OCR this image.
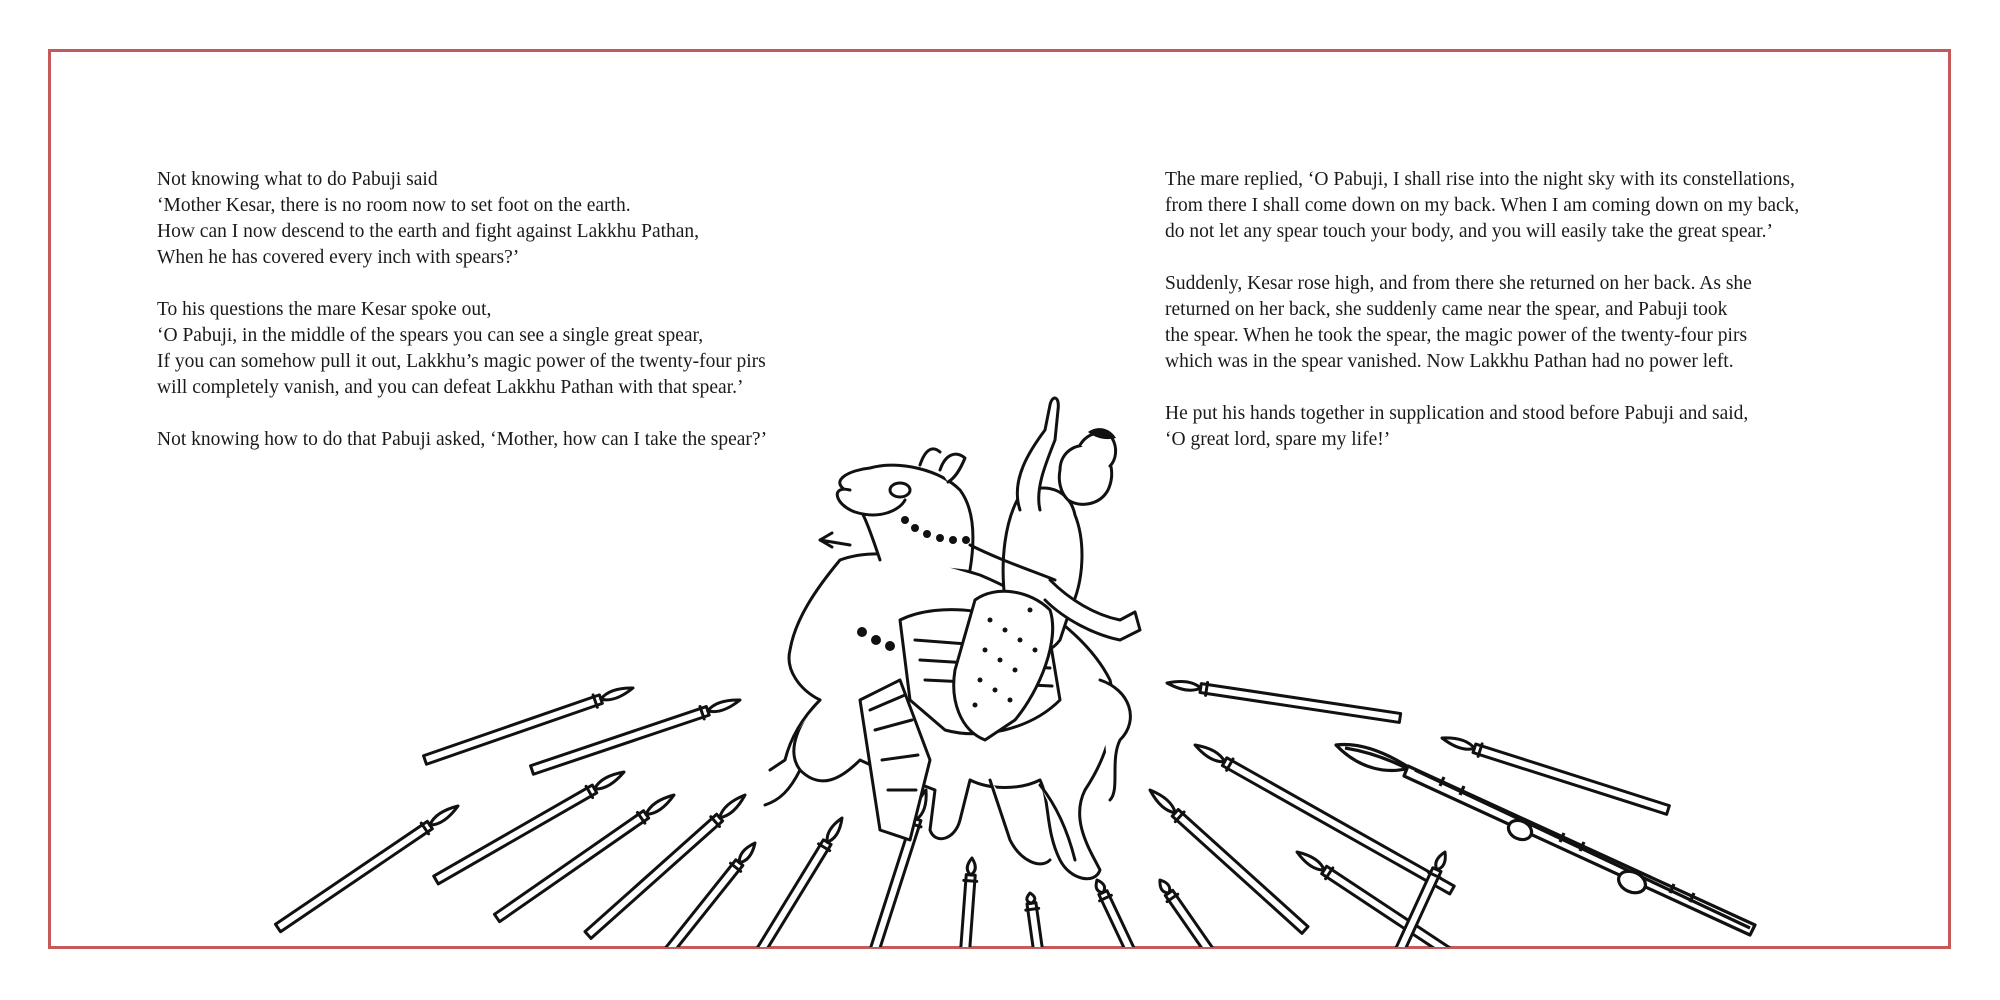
Not knowing what to do Pabuji said
‘Mother Kesar, there is no room now to set foot on the earth.
How can I now descend to the earth and fight against Lakkhu Pathan,
When he has covered every inch with spears?’

To his questions the mare Kesar spoke out,
‘O Pabuji, in the middle of the spears you can see a single great spear,
If you can somehow pull it out, Lakkhu’s magic power of the twenty-four pirs
will completely vanish, and you can defeat Lakkhu Pathan with that spear.’

Not knowing how to do that Pabuji asked, ‘Mother, how can I take the spear?’

The mare replied, ‘O Pabuji, I shall rise into the night sky with its constellations,
from there I shall come down on my back. When I am coming down on my back,
do not let any spear touch your body, and you will easily take the great spear.’

Suddenly, Kesar rose high, and from there she returned on her back. As she
returned on her back, she suddenly came near the spear, and Pabuji took
the spear. When he took the spear, the magic power of the twenty-four pirs
which was in the spear vanished. Now Lakkhu Pathan had no power left.

He put his hands together in supplication and stood before Pabuji and said,
‘O great lord, spare my life!’
